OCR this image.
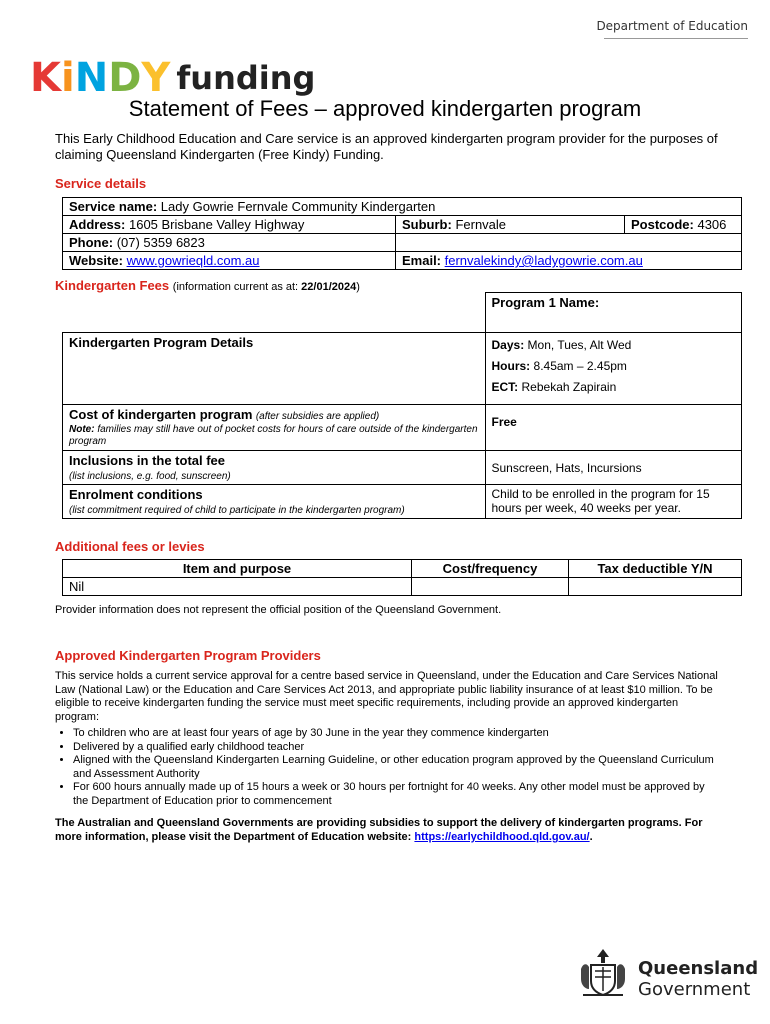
Department of Education
K i N D Y funding
Statement of Fees – approved kindergarten program
This Early Childhood Education and Care service is an approved kindergarten program provider for the purposes of claiming Queensland Kindergarten (Free Kindy) Funding.
Service details
Service name: Lady Gowrie Fernvale Community Kindergarten		
Address: 1605 Brisbane Valley Highway	Suburb: Fernvale	Postcode: 4306
Phone: (07) 5359 6823		
Website: www.gowrieqld.com.au	Email: fernvalekindy@ladygowrie.com.au	
Kindergarten Fees (information current as at: 22/01/2024)
	Program 1 Name:
Kindergarten Program Details	Days: Mon, Tues, Alt Wed
Hours: 8.45am – 2.45pm
ECT: Rebekah Zapirain

Cost of kindergarten program (after subsidies are applied)
Note: families may still have out of pocket costs for hours of care outside of the kindergarten program	Free

Inclusions in the total fee
(list inclusions, e.g. food, sunscreen)	Sunscreen, Hats, Incursions

Enrolment conditions
(list commitment required of child to participate in the kindergarten program)	Child to be enrolled in the program for 15 hours per week, 40 weeks per year.
Additional fees or levies
Item and purpose	Cost/frequency	Tax deductible Y/N
Nil		
Provider information does not represent the official position of the Queensland Government.
Approved Kindergarten Program Providers
This service holds a current service approval for a centre based service in Queensland, under the Education and Care Services National Law (National Law) or the Education and Care Services Act 2013, and appropriate public liability insurance of at least $10 million. To be eligible to receive kindergarten funding the service must meet specific requirements, including provide an approved kindergarten program:
• To children who are at least four years of age by 30 June in the year they commence kindergarten
• Delivered by a qualified early childhood teacher
• Aligned with the Queensland Kindergarten Learning Guideline, or other education program approved by the Queensland Curriculum and Assessment Authority
• For 600 hours annually made up of 15 hours a week or 30 hours per fortnight for 40 weeks. Any other model must be approved by the Department of Education prior to commencement
The Australian and Queensland Governments are providing subsidies to support the delivery of kindergarten programs. For more information, please visit the Department of Education website: https://earlychildhood.qld.gov.au/.
Queensland
Government
